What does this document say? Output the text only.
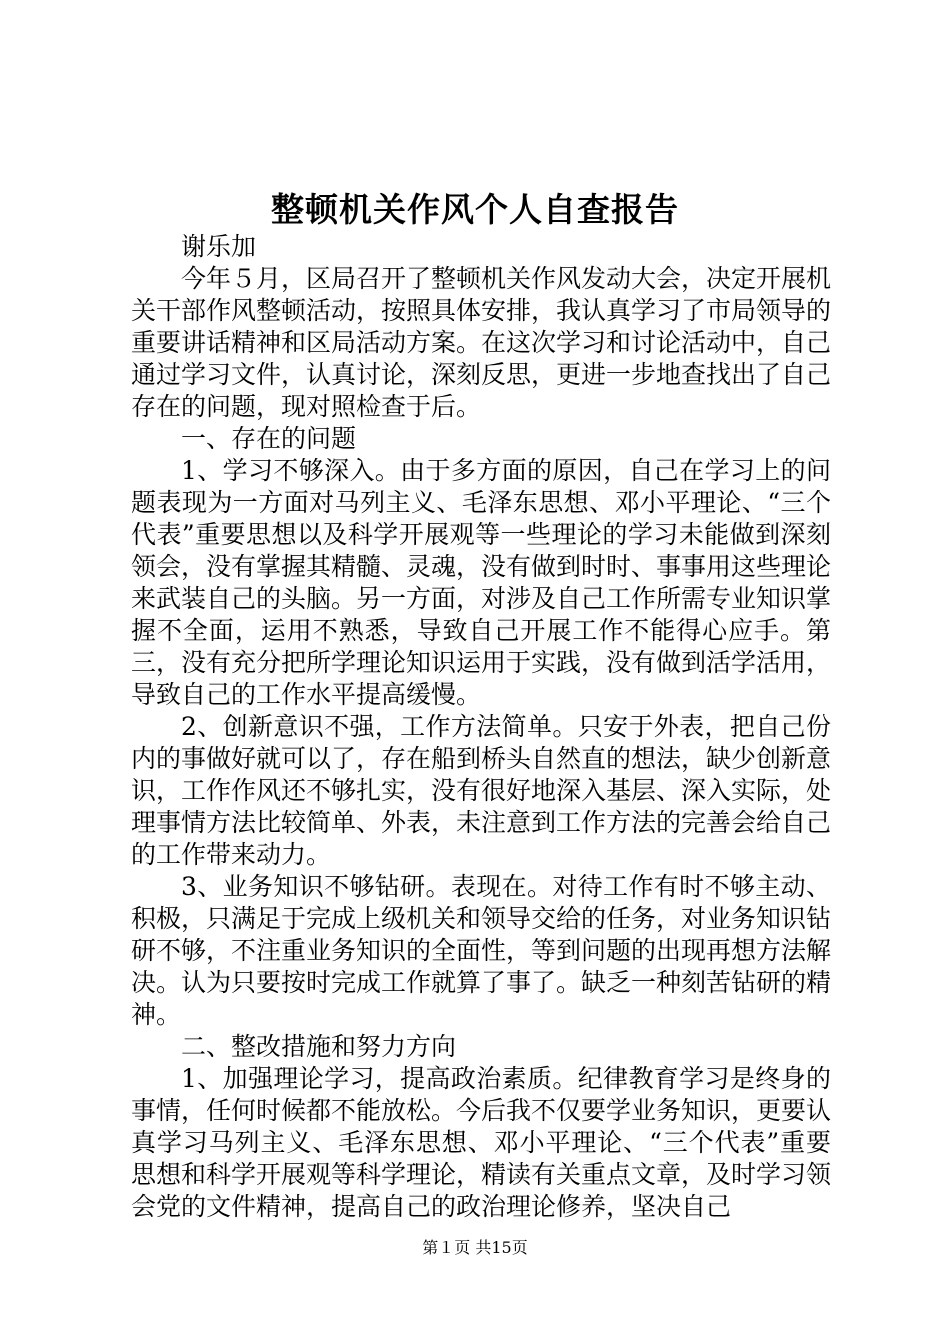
整顿机关作风个人自查报告

谢乐加

今年５月，区局召开了整顿机关作风发动大会，决定开展机关干部作风整顿活动，按照具体安排，我认真学习了市局领导的重要讲话精神和区局活动方案。在这次学习和讨论活动中，自己通过学习文件，认真讨论，深刻反思，更进一步地查找出了自己存在的问题，现对照检查于后。

一、存在的问题

1、学习不够深入。由于多方面的原因，自己在学习上的问题表现为一方面对马列主义、毛泽东思想、邓小平理论、“三个代表”重要思想以及科学开展观等一些理论的学习未能做到深刻领会，没有掌握其精髓、灵魂，没有做到时时、事事用这些理论来武装自己的头脑。另一方面，对涉及自己工作所需专业知识掌握不全面，运用不熟悉，导致自己开展工作不能得心应手。第三，没有充分把所学理论知识运用于实践，没有做到活学活用，导致自己的工作水平提高缓慢。

2、创新意识不强，工作方法简单。只安于外表，把自己份内的事做好就可以了，存在船到桥头自然直的想法，缺少创新意识，工作作风还不够扎实，没有很好地深入基层、深入实际，处理事情方法比较简单、外表，未注意到工作方法的完善会给自己的工作带来动力。

3、业务知识不够钻研。表现在。对待工作有时不够主动、积极，只满足于完成上级机关和领导交给的任务，对业务知识钻研不够，不注重业务知识的全面性，等到问题的出现再想方法解决。认为只要按时完成工作就算了事了。缺乏一种刻苦钻研的精神。

二、整改措施和努力方向

1、加强理论学习，提高政治素质。纪律教育学习是终身的事情，任何时候都不能放松。今后我不仅要学业务知识，更要认真学习马列主义、毛泽东思想、邓小平理论、“三个代表”重要思想和科学开展观等科学理论，精读有关重点文章，及时学习领会党的文件精神，提高自己的政治理论修养，坚决自己

第１页 共15页
